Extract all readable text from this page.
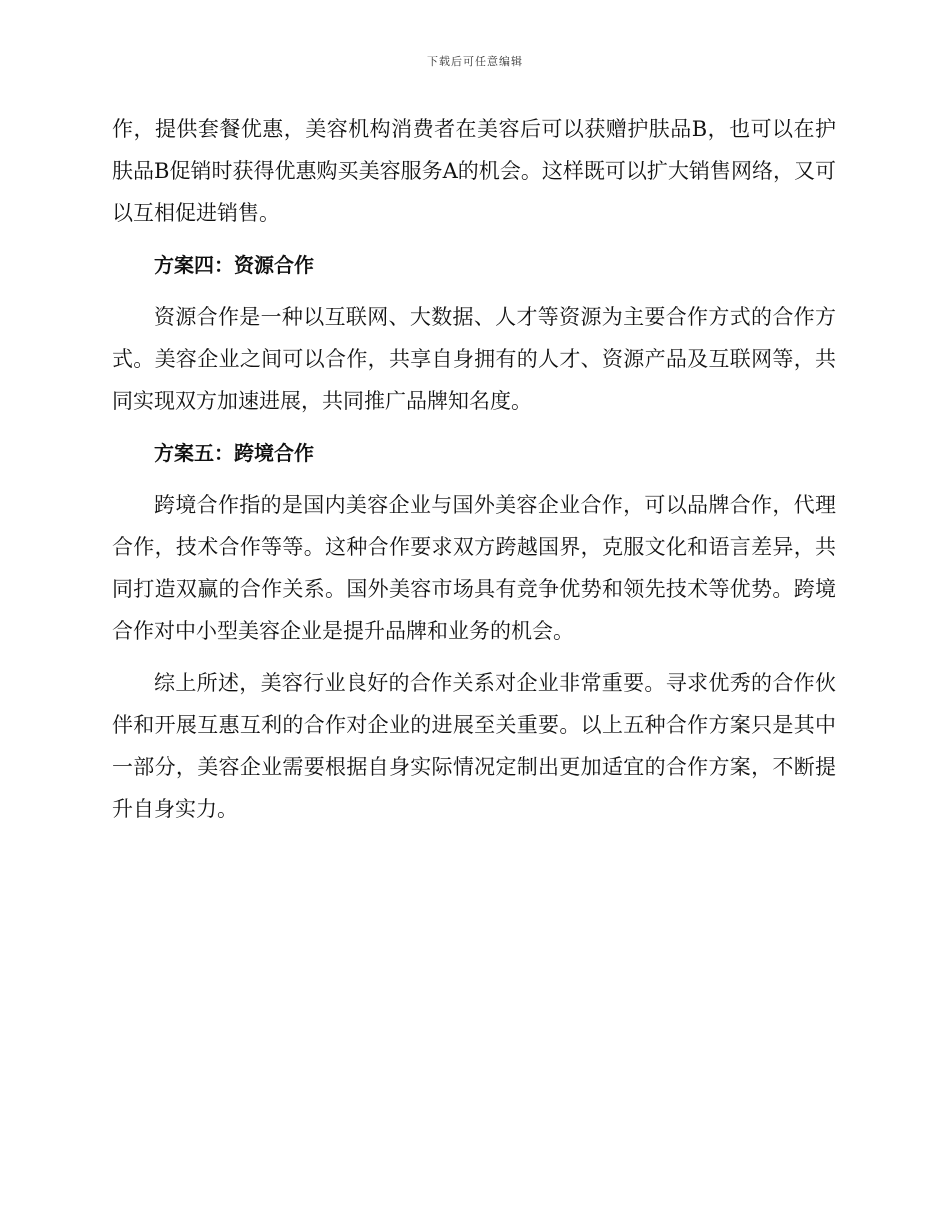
下载后可任意编辑

作，提供套餐优惠，美容机构消费者在美容后可以获赠护肤品B，也可以在护肤品B促销时获得优惠购买美容服务A的机会。这样既可以扩大销售网络，又可以互相促进销售。

方案四：资源合作

资源合作是一种以互联网、大数据、人才等资源为主要合作方式的合作方式。美容企业之间可以合作，共享自身拥有的人才、资源产品及互联网等，共同实现双方加速进展，共同推广品牌知名度。

方案五：跨境合作

跨境合作指的是国内美容企业与国外美容企业合作，可以品牌合作，代理合作，技术合作等等。这种合作要求双方跨越国界，克服文化和语言差异，共同打造双赢的合作关系。国外美容市场具有竞争优势和领先技术等优势。跨境合作对中小型美容企业是提升品牌和业务的机会。

综上所述，美容行业良好的合作关系对企业非常重要。寻求优秀的合作伙伴和开展互惠互利的合作对企业的进展至关重要。以上五种合作方案只是其中一部分，美容企业需要根据自身实际情况定制出更加适宜的合作方案，不断提升自身实力。
